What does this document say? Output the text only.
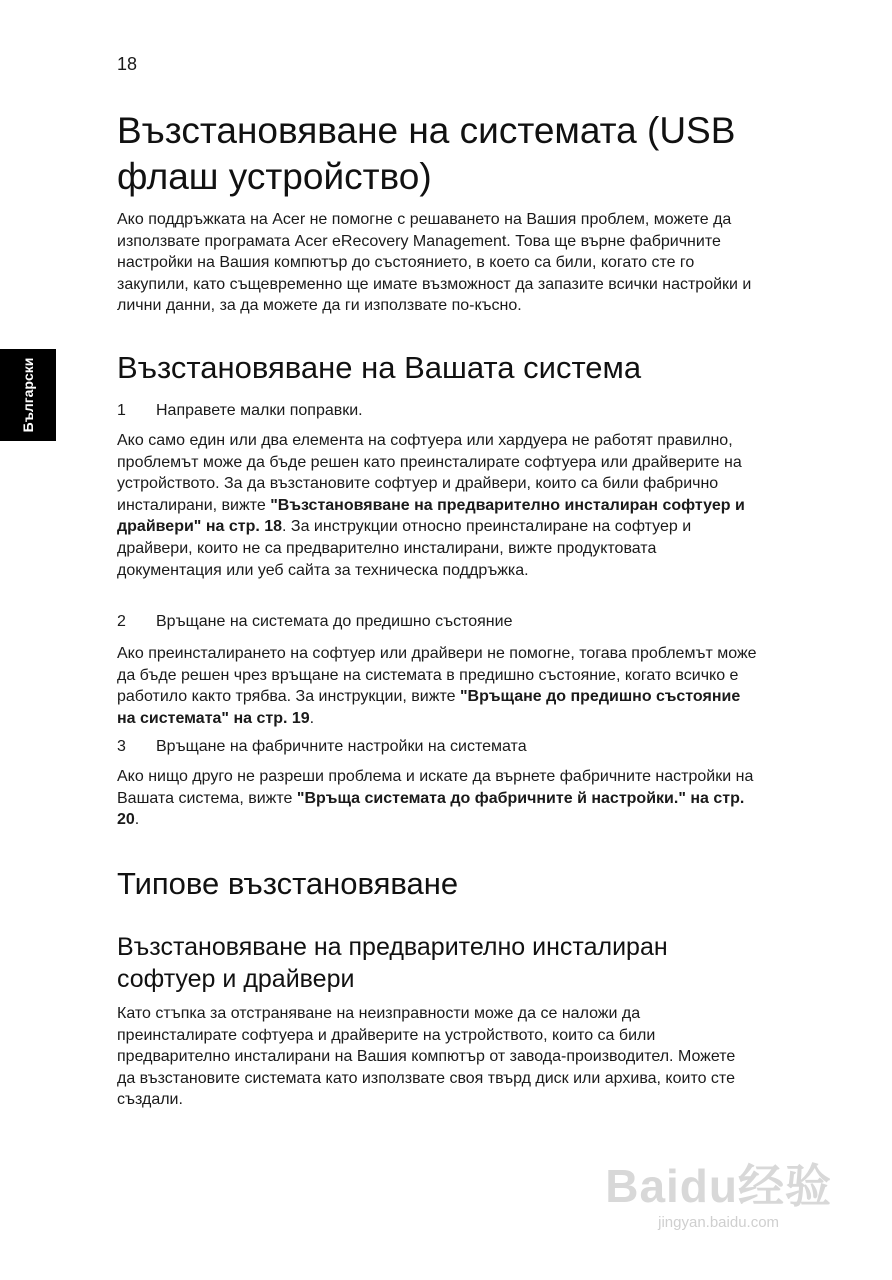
18
Български
Възстановяване на системата (USB флаш устройство)

Ако поддръжката на Acer не помогне с решаването на Вашия проблем, можете да използвате програмата Acer eRecovery Management. Това ще върне фабричните настройки на Вашия компютър до състоянието, в което са били, когато сте го закупили, като същевременно ще имате възможност да запазите всички настройки и лични данни, за да можете да ги използвате по-късно.

Възстановяване на Вашата система
1 Направете малки поправки.

Ако само един или два елемента на софтуера или хардуера не работят правилно, проблемът може да бъде решен като преинсталирате софтуера или драйверите на устройството. За да възстановите софтуер и драйвери, които са били фабрично инсталирани, вижте "Възстановяване на предварително инсталиран софтуер и драйвери" на стр. 18. За инструкции относно преинсталиране на софтуер и драйвери, които не са предварително инсталирани, вижте продуктовата документация или уеб сайта за техническа поддръжка.

2 Връщане на системата до предишно състояние

Ако преинсталирането на софтуер или драйвери не помогне, тогава проблемът може да бъде решен чрез връщане на системата в предишно състояние, когато всичко е работило както трябва. За инструкции, вижте "Връщане до предишно състояние на системата" на стр. 19.

3 Връщане на фабричните настройки на системата

Ако нищо друго не разреши проблема и искате да върнете фабричните настройки на Вашата система, вижте "Връща системата до фабричните й настройки." на стр. 20.

Типове възстановяване
Възстановяване на предварително инсталиран софтуер и драйвери

Като стъпка за отстраняване на неизправности може да се наложи да преинсталирате софтуера и драйверите на устройството, които са били предварително инсталирани на Вашия компютър от завода-производител. Можете да възстановите системата като използвате своя твърд диск или архива, които сте създали.

Baidu经验
jingyan.baidu.com
